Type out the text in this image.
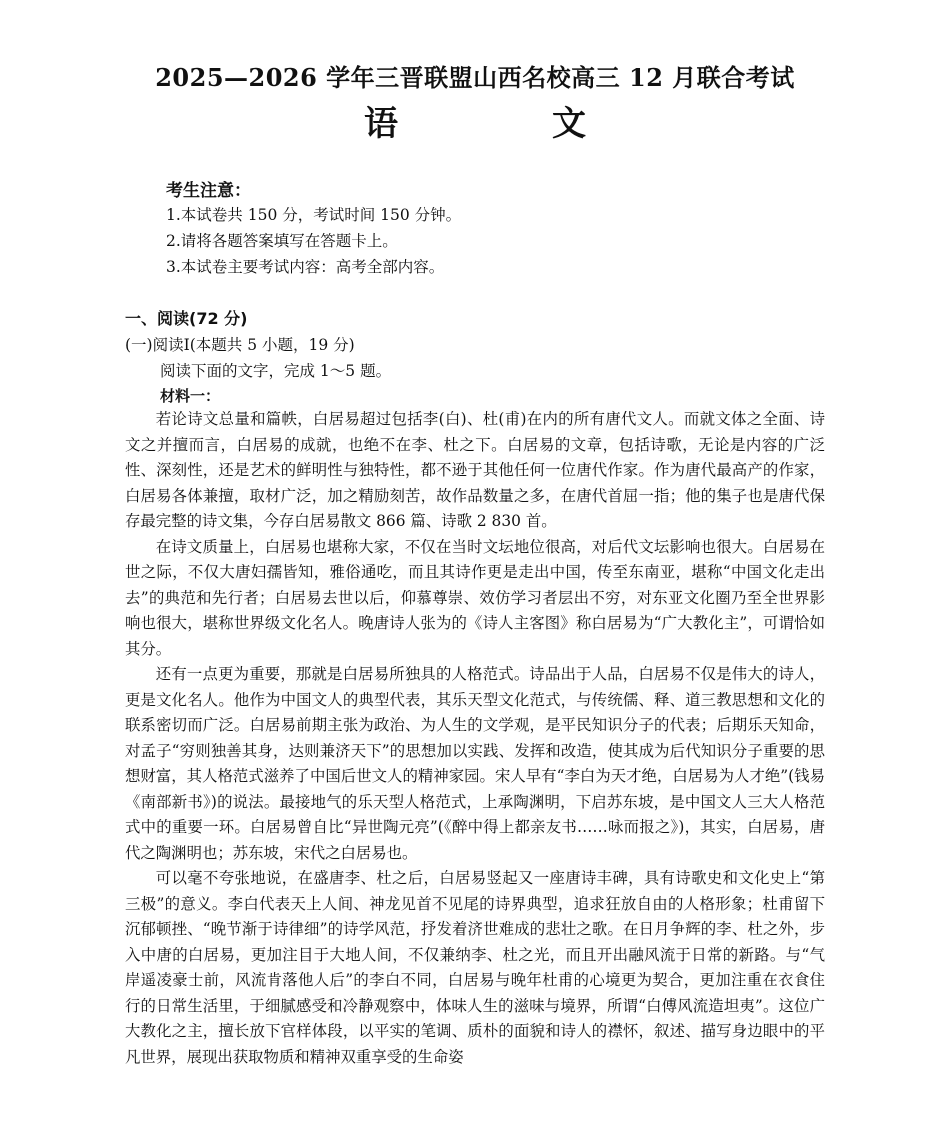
2025—2026 学年三晋联盟山西名校高三 12 月联合考试
语　文
考生注意：
1.本试卷共 150 分，考试时间 150 分钟。
2.请将各题答案填写在答题卡上。
3.本试卷主要考试内容：高考全部内容。
一、阅读(72 分)
(一)阅读Ⅰ(本题共 5 小题，19 分)
阅读下面的文字，完成 1～5 题。
材料一：

若论诗文总量和篇帙，白居易超过包括李(白)、杜(甫)在内的所有唐代文人。而就文体之全面、诗文之并擅而言，白居易的成就，也绝不在李、杜之下。白居易的文章，包括诗歌，无论是内容的广泛性、深刻性，还是艺术的鲜明性与独特性，都不逊于其他任何一位唐代作家。作为唐代最高产的作家，白居易各体兼擅，取材广泛，加之精励刻苦，故作品数量之多，在唐代首屈一指；他的集子也是唐代保存最完整的诗文集，今存白居易散文 866 篇、诗歌 2 830 首。

在诗文质量上，白居易也堪称大家，不仅在当时文坛地位很高，对后代文坛影响也很大。白居易在世之际，不仅大唐妇孺皆知，雅俗通吃，而且其诗作更是走出中国，传至东南亚，堪称“中国文化走出去”的典范和先行者；白居易去世以后，仰慕尊崇、效仿学习者层出不穷，对东亚文化圈乃至全世界影响也很大，堪称世界级文化名人。晚唐诗人张为的《诗人主客图》称白居易为“广大教化主”，可谓恰如其分。

还有一点更为重要，那就是白居易所独具的人格范式。诗品出于人品，白居易不仅是伟大的诗人，更是文化名人。他作为中国文人的典型代表，其乐天型文化范式，与传统儒、释、道三教思想和文化的联系密切而广泛。白居易前期主张为政治、为人生的文学观，是平民知识分子的代表；后期乐天知命，对孟子“穷则独善其身，达则兼济天下”的思想加以实践、发挥和改造，使其成为后代知识分子重要的思想财富，其人格范式滋养了中国后世文人的精神家园。宋人早有“李白为天才绝，白居易为人才绝”(钱易《南部新书》)的说法。最接地气的乐天型人格范式，上承陶渊明，下启苏东坡，是中国文人三大人格范式中的重要一环。白居易曾自比“异世陶元亮”(《醉中得上都亲友书……咏而报之》)，其实，白居易，唐代之陶渊明也；苏东坡，宋代之白居易也。

可以毫不夸张地说，在盛唐李、杜之后，白居易竖起又一座唐诗丰碑，具有诗歌史和文化史上“第三极”的意义。李白代表天上人间、神龙见首不见尾的诗界典型，追求狂放自由的人格形象；杜甫留下沉郁顿挫、“晚节渐于诗律细”的诗学风范，抒发着济世难成的悲壮之歌。在日月争辉的李、杜之外，步入中唐的白居易，更加注目于大地人间，不仅兼纳李、杜之光，而且开出融风流于日常的新路。与“气岸遥凌豪士前，风流肯落他人后”的李白不同，白居易与晚年杜甫的心境更为契合，更加注重在衣食住行的日常生活里，于细腻感受和冷静观察中，体味人生的滋味与境界，所谓“白傅风流造坦夷”。这位广大教化之主，擅长放下官样体段，以平实的笔调、质朴的面貌和诗人的襟怀，叙述、描写身边眼中的平凡世界，展现出获取物质和精神双重享受的生命姿
